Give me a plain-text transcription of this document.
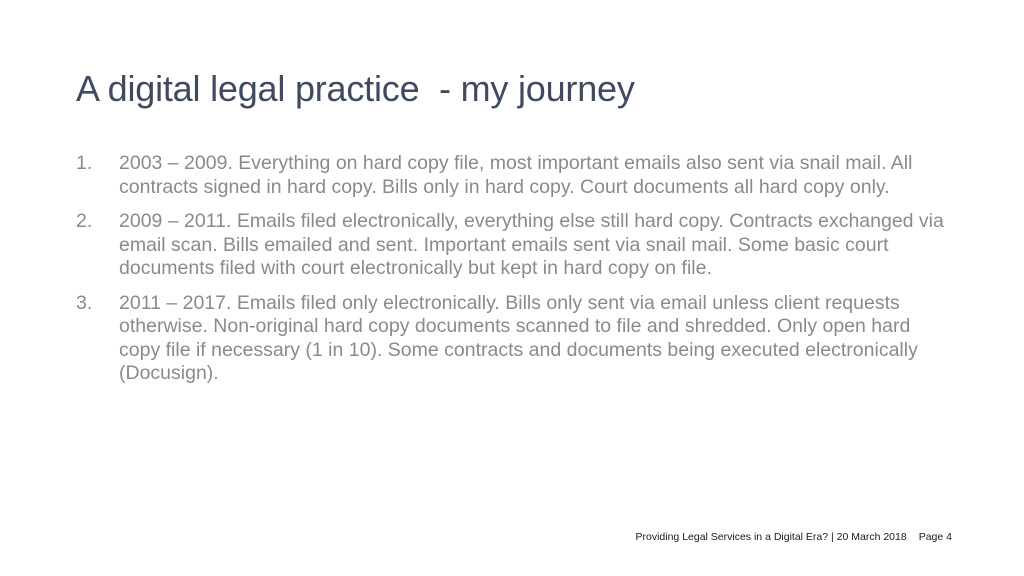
A digital legal practice  - my journey
1. 2003 – 2009. Everything on hard copy file, most important emails also sent via snail mail. All contracts signed in hard copy. Bills only in hard copy. Court documents all hard copy only.
2. 2009 – 2011. Emails filed electronically, everything else still hard copy. Contracts exchanged via email scan. Bills emailed and sent. Important emails sent via snail mail. Some basic court documents filed with court electronically but kept in hard copy on file.
3. 2011 – 2017. Emails filed only electronically. Bills only sent via email unless client requests otherwise. Non-original hard copy documents scanned to file and shredded. Only open hard copy file if necessary (1 in 10). Some contracts and documents being executed electronically (Docusign).
Providing Legal Services in a Digital Era? | 20 March 2018 Page 4
